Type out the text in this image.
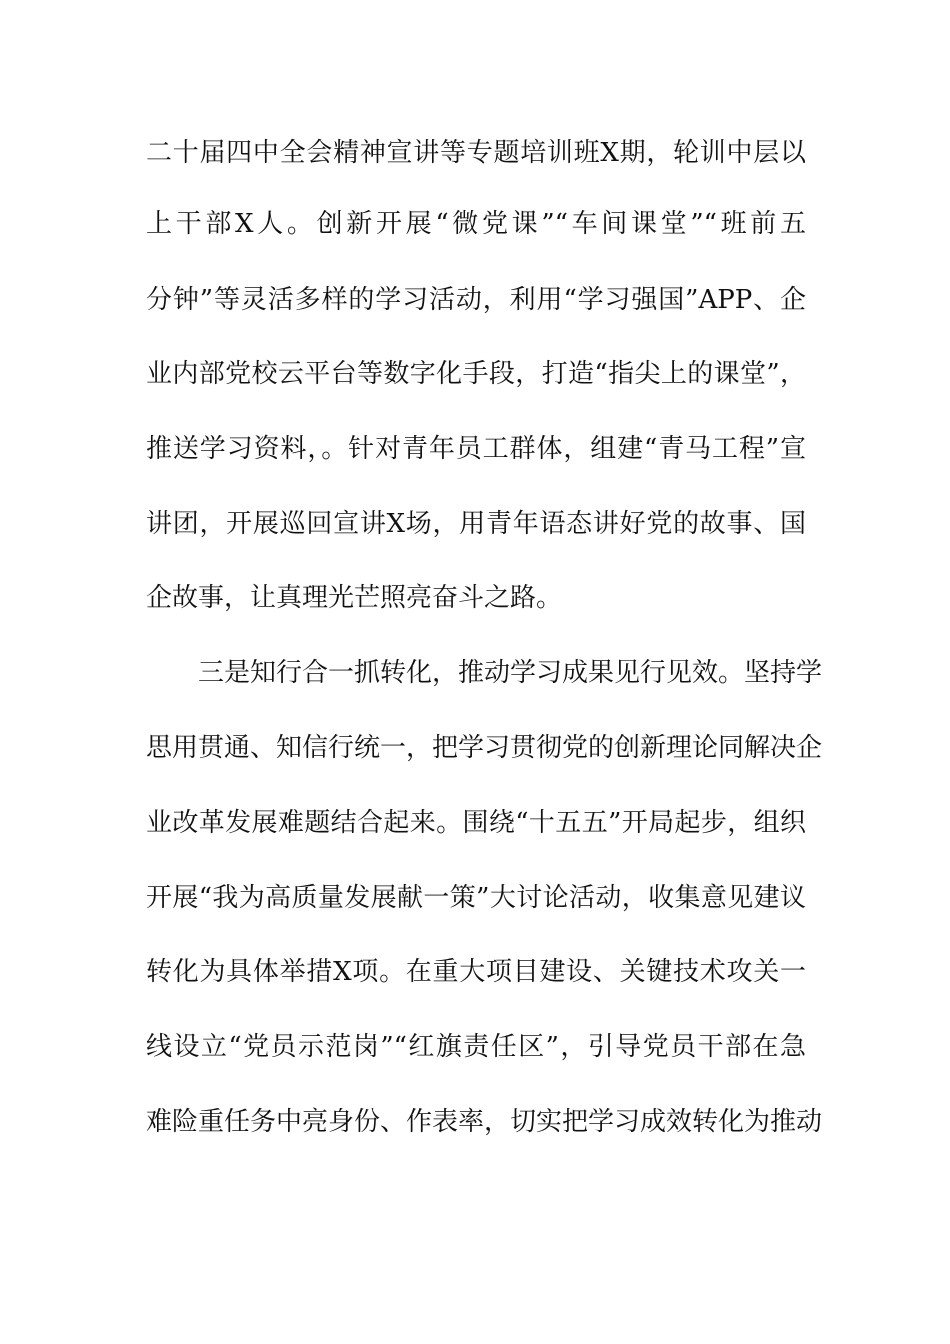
二十届四中全会精神宣讲等专题培训班X期，轮训中层以
上干部X人。创新开展“微党课”“车间课堂”“班前五
分钟”等灵活多样的学习活动，利用“学习强国”APP、企
业内部党校云平台等数字化手段，打造“指尖上的课堂”，
推送学习资料，。针对青年员工群体，组建“青马工程”宣
讲团，开展巡回宣讲X场，用青年语态讲好党的故事、国
企故事，让真理光芒照亮奋斗之路。
三是知行合一抓转化，推动学习成果见行见效。坚持学
思用贯通、知信行统一，把学习贯彻党的创新理论同解决企
业改革发展难题结合起来。围绕“十五五”开局起步，组织
开展“我为高质量发展献一策”大讨论活动，收集意见建议
转化为具体举措X项。在重大项目建设、关键技术攻关一
线设立“党员示范岗”“红旗责任区”，引导党员干部在急
难险重任务中亮身份、作表率，切实把学习成效转化为推动
